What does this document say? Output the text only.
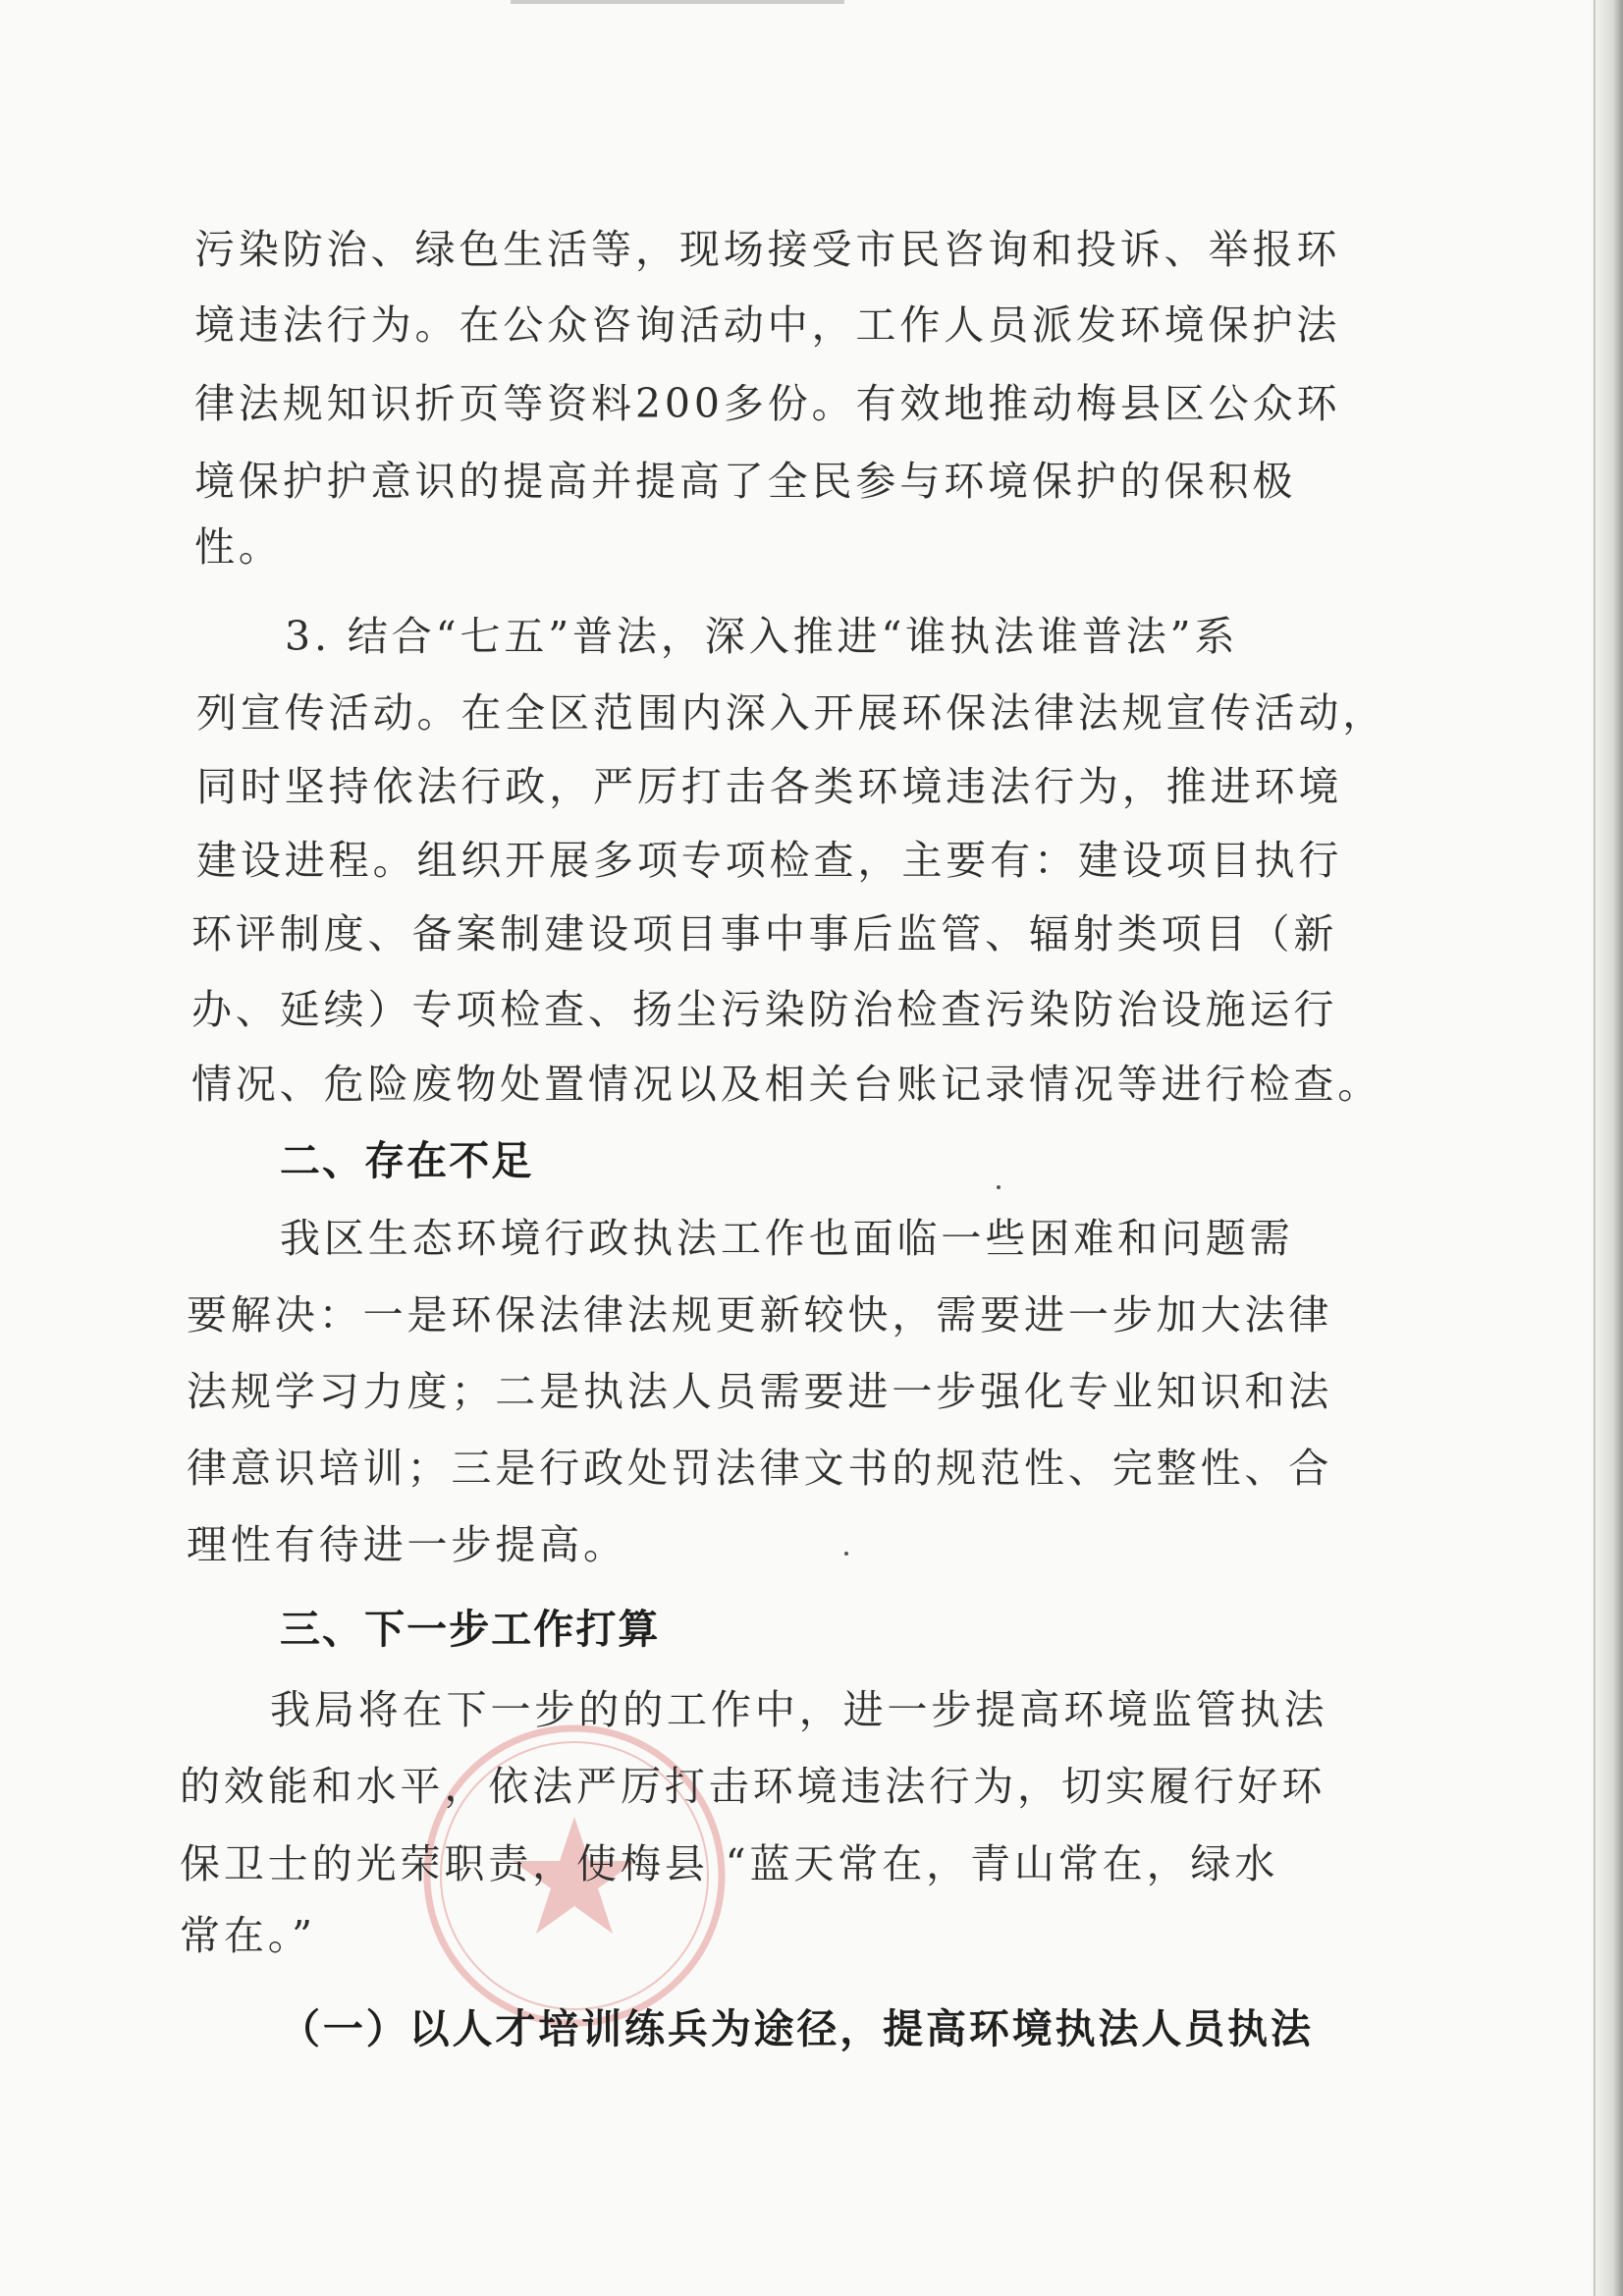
污染防治、绿色生活等，现场接受市民咨询和投诉、举报环
境违法行为。在公众咨询活动中，工作人员派发环境保护法
律法规知识折页等资料200多份。有效地推动梅县区公众环
境保护护意识的提高并提高了全民参与环境保护的保积极
性。
3. 结合“七五”普法，深入推进“谁执法谁普法”系
列宣传活动。在全区范围内深入开展环保法律法规宣传活动，
同时坚持依法行政，严厉打击各类环境违法行为，推进环境
建设进程。组织开展多项专项检查，主要有：建设项目执行
环评制度、备案制建设项目事中事后监管、辐射类项目（新
办、延续）专项检查、扬尘污染防治检查污染防治设施运行
情况、危险废物处置情况以及相关台账记录情况等进行检查。
二、存在不足
我区生态环境行政执法工作也面临一些困难和问题需
要解决：一是环保法律法规更新较快，需要进一步加大法律
法规学习力度；二是执法人员需要进一步强化专业知识和法
律意识培训；三是行政处罚法律文书的规范性、完整性、合
理性有待进一步提高。
三、下一步工作打算
我局将在下一步的的工作中，进一步提高环境监管执法
的效能和水平，依法严厉打击环境违法行为，切实履行好环
保卫士的光荣职责，使梅县 “蓝天常在，青山常在，绿水
常在。”
（一）以人才培训练兵为途径，提高环境执法人员执法
